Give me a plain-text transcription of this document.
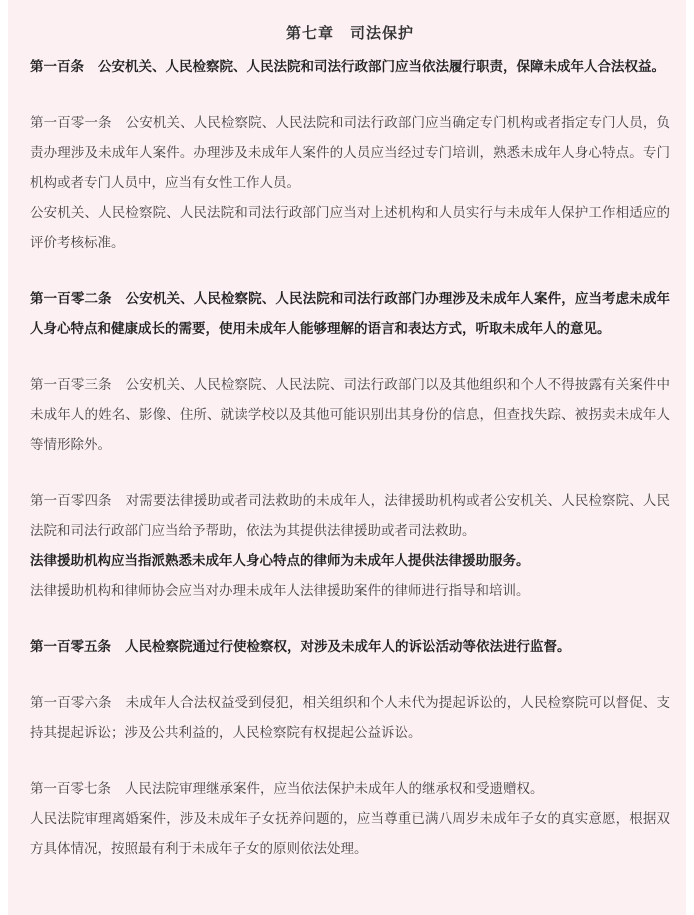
第七章　司法保护

第一百条 公安机关、人民检察院、人民法院和司法行政部门应当依法履行职责，保障未成年人合法权益。

第一百零一条 公安机关、人民检察院、人民法院和司法行政部门应当确定专门机构或者指定专门人员，负责办理涉及未成年人案件。办理涉及未成年人案件的人员应当经过专门培训，熟悉未成年人身心特点。专门机构或者专门人员中，应当有女性工作人员。

公安机关、人民检察院、人民法院和司法行政部门应当对上述机构和人员实行与未成年人保护工作相适应的评价考核标准。

第一百零二条 公安机关、人民检察院、人民法院和司法行政部门办理涉及未成年人案件，应当考虑未成年人身心特点和健康成长的需要，使用未成年人能够理解的语言和表达方式，听取未成年人的意见。

第一百零三条 公安机关、人民检察院、人民法院、司法行政部门以及其他组织和个人不得披露有关案件中未成年人的姓名、影像、住所、就读学校以及其他可能识别出其身份的信息，但查找失踪、被拐卖未成年人等情形除外。

第一百零四条 对需要法律援助或者司法救助的未成年人，法律援助机构或者公安机关、人民检察院、人民法院和司法行政部门应当给予帮助，依法为其提供法律援助或者司法救助。

法律援助机构应当指派熟悉未成年人身心特点的律师为未成年人提供法律援助服务。

法律援助机构和律师协会应当对办理未成年人法律援助案件的律师进行指导和培训。

第一百零五条 人民检察院通过行使检察权，对涉及未成年人的诉讼活动等依法进行监督。

第一百零六条 未成年人合法权益受到侵犯，相关组织和个人未代为提起诉讼的，人民检察院可以督促、支持其提起诉讼；涉及公共利益的，人民检察院有权提起公益诉讼。

第一百零七条 人民法院审理继承案件，应当依法保护未成年人的继承权和受遗赠权。

人民法院审理离婚案件，涉及未成年子女抚养问题的，应当尊重已满八周岁未成年子女的真实意愿，根据双方具体情况，按照最有利于未成年子女的原则依法处理。
